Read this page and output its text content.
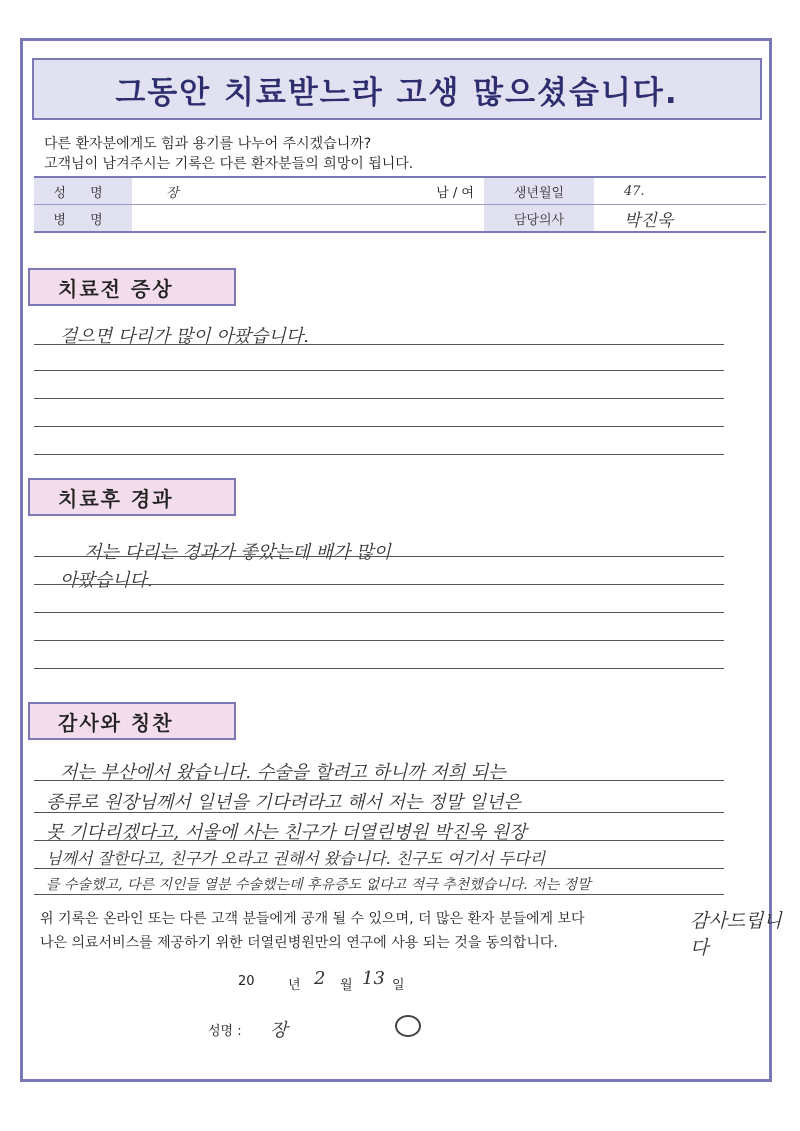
그동안 치료받느라 고생 많으셨습니다.
다른 환자분에게도 힘과 용기를 나누어 주시겠습니까?
고객님이 남겨주시는 기록은 다른 환자분들의 희망이 됩니다.
성 명	장	남 / 여	생년월일	47.
병 명			담당의사	박진욱
치료전 증상
걸으면 다리가 많이 아팠습니다.
치료후 경과
저는 다리는 경과가 좋았는데 배가 많이
아팠습니다.
감사와 칭찬
저는 부산에서 왔습니다. 수술을 할려고 하니까 저희 되는
종류로 원장님께서 일년을 기다려라고 해서 저는 정말 일년은
못 기다리겠다고, 서울에 사는 친구가 더열린병원 박진욱 원장
님께서 잘한다고, 친구가 오라고 권해서 왔습니다. 친구도 여기서 두다리
를 수술했고, 다른 지인들 열분 수술했는데 후유증도 없다고 적극 추천했습니다. 저는 정말
위 기록은 온라인 또는 다른 고객 분들에게 공개 될 수 있으며, 더 많은 환자 분들에게 보다	감사드립니다
나은 의료서비스를 제공하기 위한 더열린병원만의 연구에 사용 되는 것을 동의합니다.
20	년 2 월 13 일
성명 : 장
